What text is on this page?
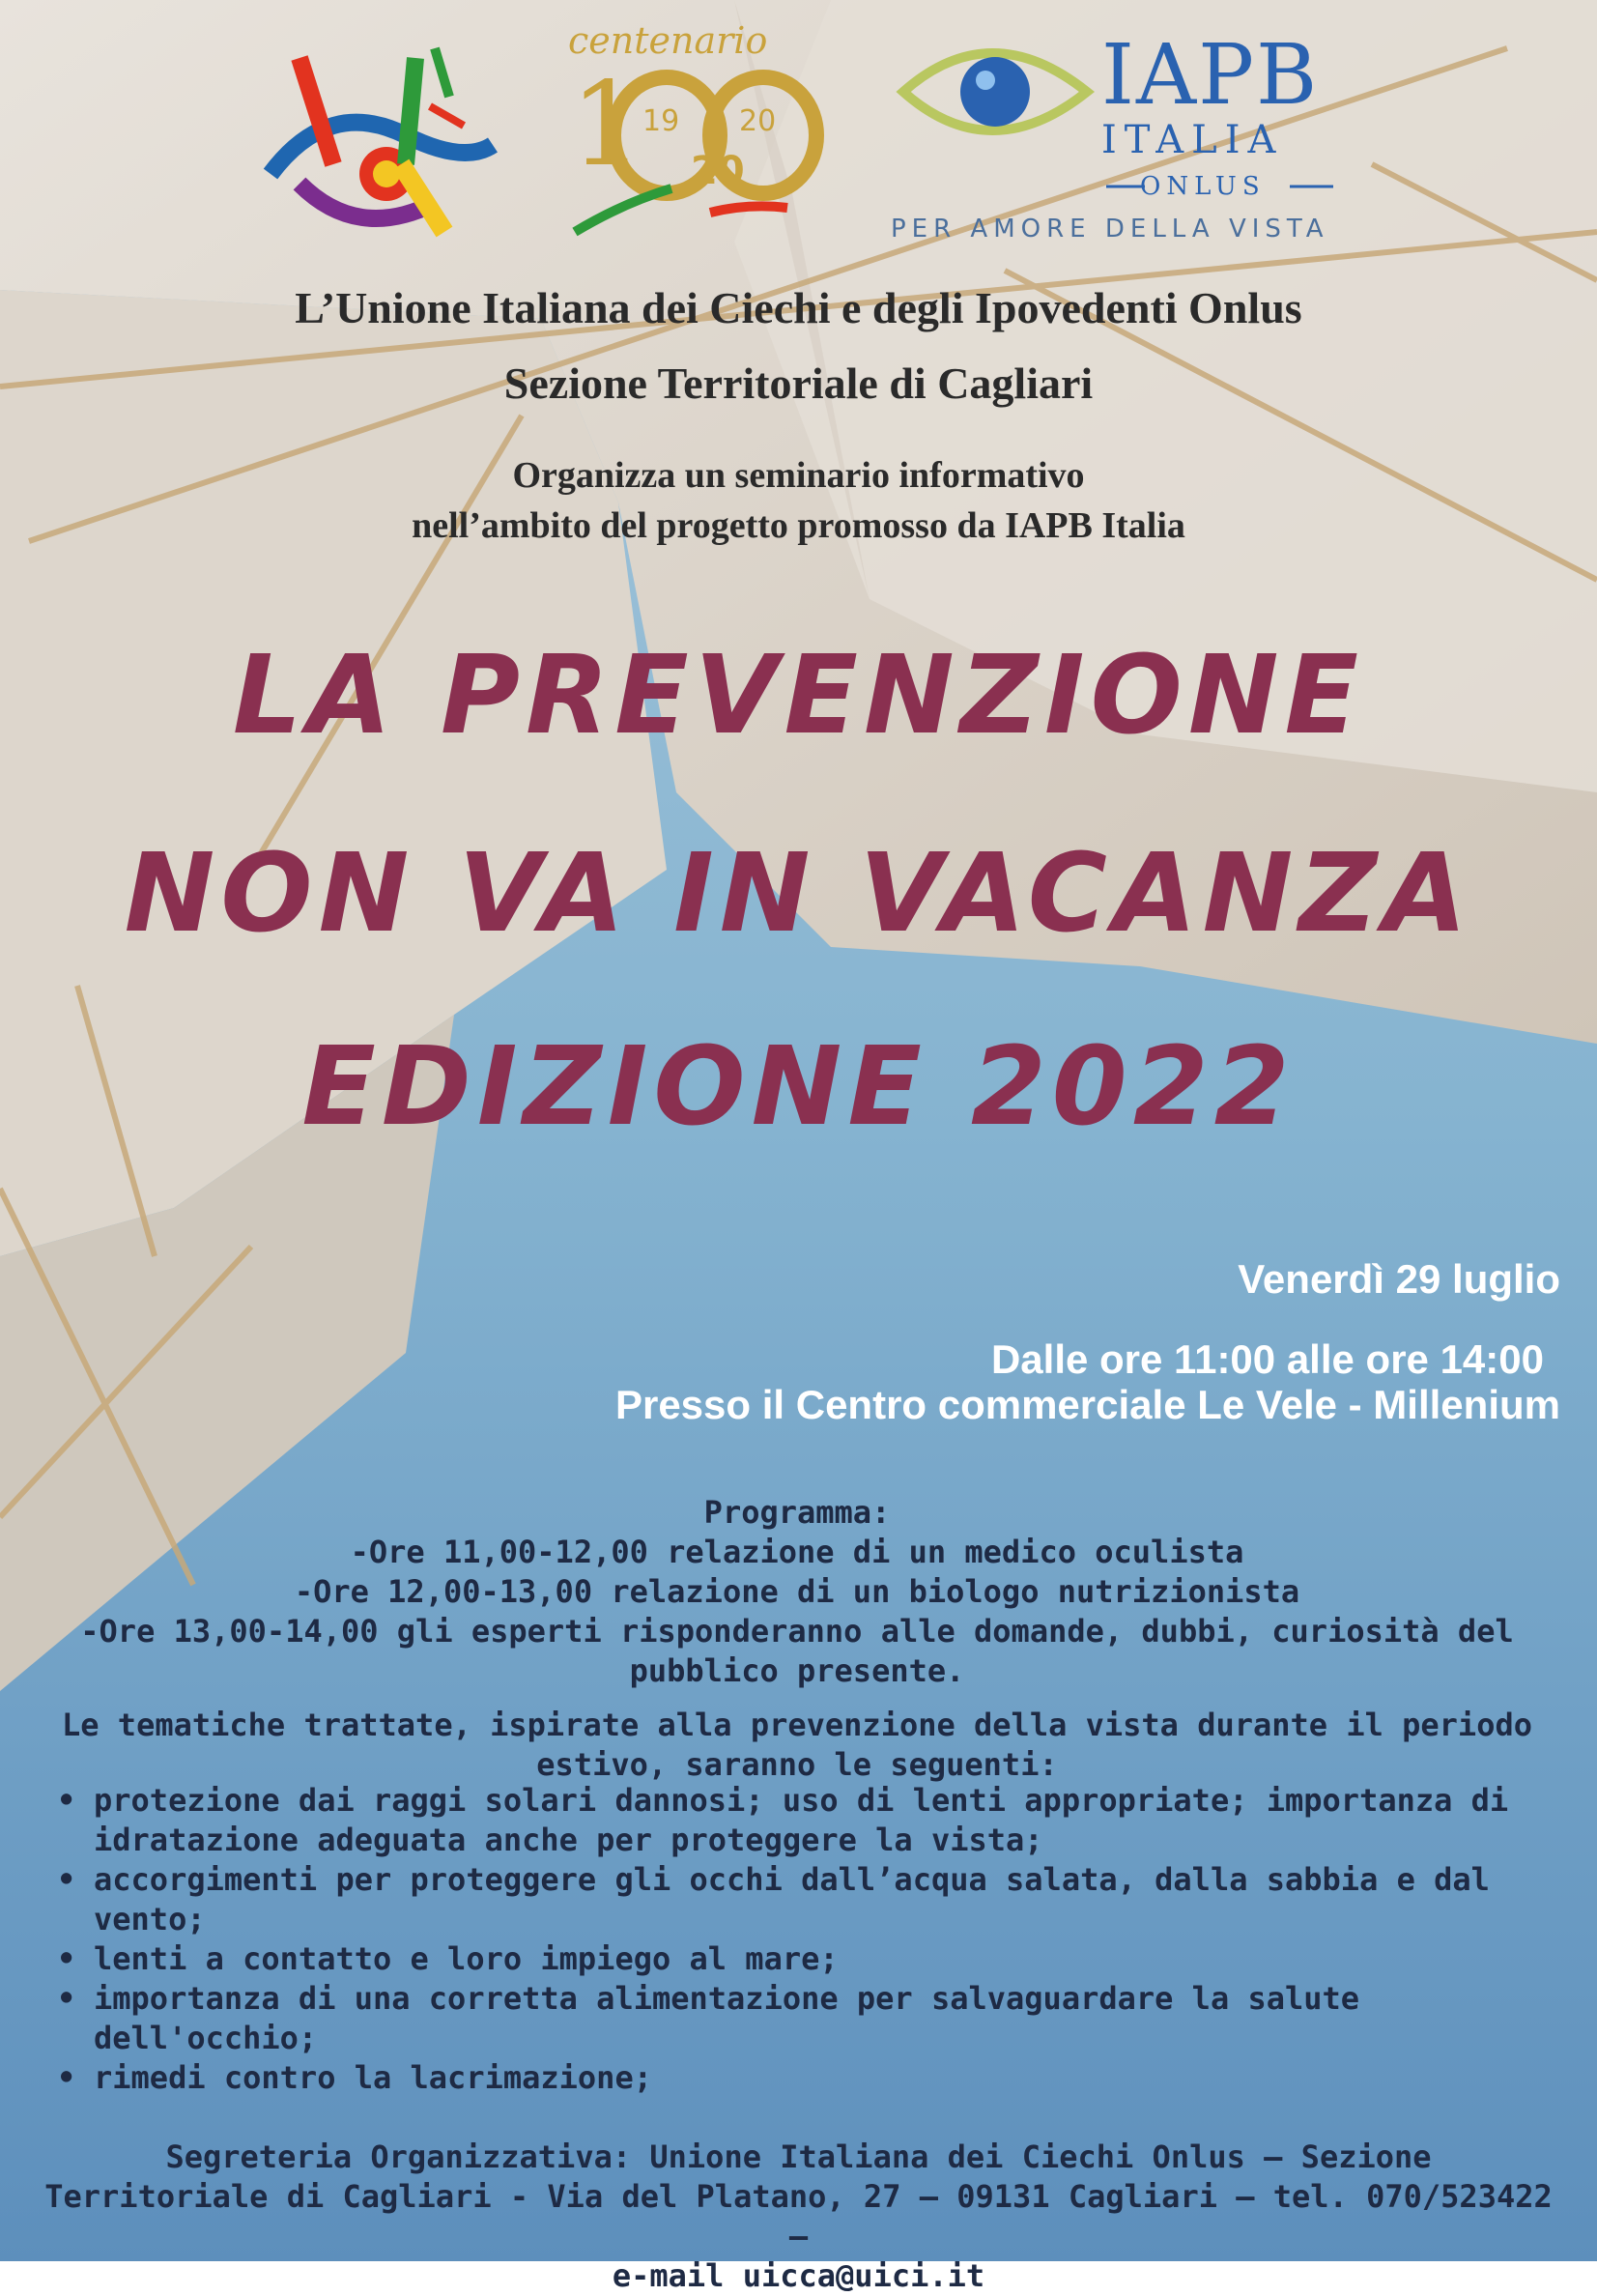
1
19 20
20

centenario	IAPB

ITALIA

ONLUS

PER AMORE DELLA VISTA

L’Unione Italiana dei Ciechi e degli Ipovedenti Onlus

Sezione Territoriale di Cagliari

Organizza un seminario informativo

nell’ambito del progetto promosso da IAPB Italia

LA PREVENZIONE
NON VA IN VACANZA
EDIZIONE 2022

Venerdì 29 luglio

Dalle ore 11:00 alle ore 14:00

Presso il Centro commerciale Le Vele - Millenium

Programma:
-Ore 11,00-12,00 relazione di un medico oculista
-Ore 12,00-13,00 relazione di un biologo nutrizionista
-Ore 13,00-14,00 gli esperti risponderanno alle domande, dubbi, curiosità del pubblico presente.

Le tematiche trattate, ispirate alla prevenzione della vista durante il periodo estivo, saranno le seguenti:

• protezione dai raggi solari dannosi; uso di lenti appropriate; importanza di idratazione adeguata anche per proteggere la vista;
• accorgimenti per proteggere gli occhi dall’acqua salata, dalla sabbia e dal vento;
• lenti a contatto e loro impiego al mare;
• importanza di una corretta alimentazione per salvaguardare la salute dell'occhio;
• rimedi contro la lacrimazione;
Segreteria Organizzativa: Unione Italiana dei Ciechi Onlus – Sezione
Territoriale di Cagliari - Via del Platano, 27 – 09131 Cagliari – tel. 070/523422 –
e-mail uicca@uici.it
